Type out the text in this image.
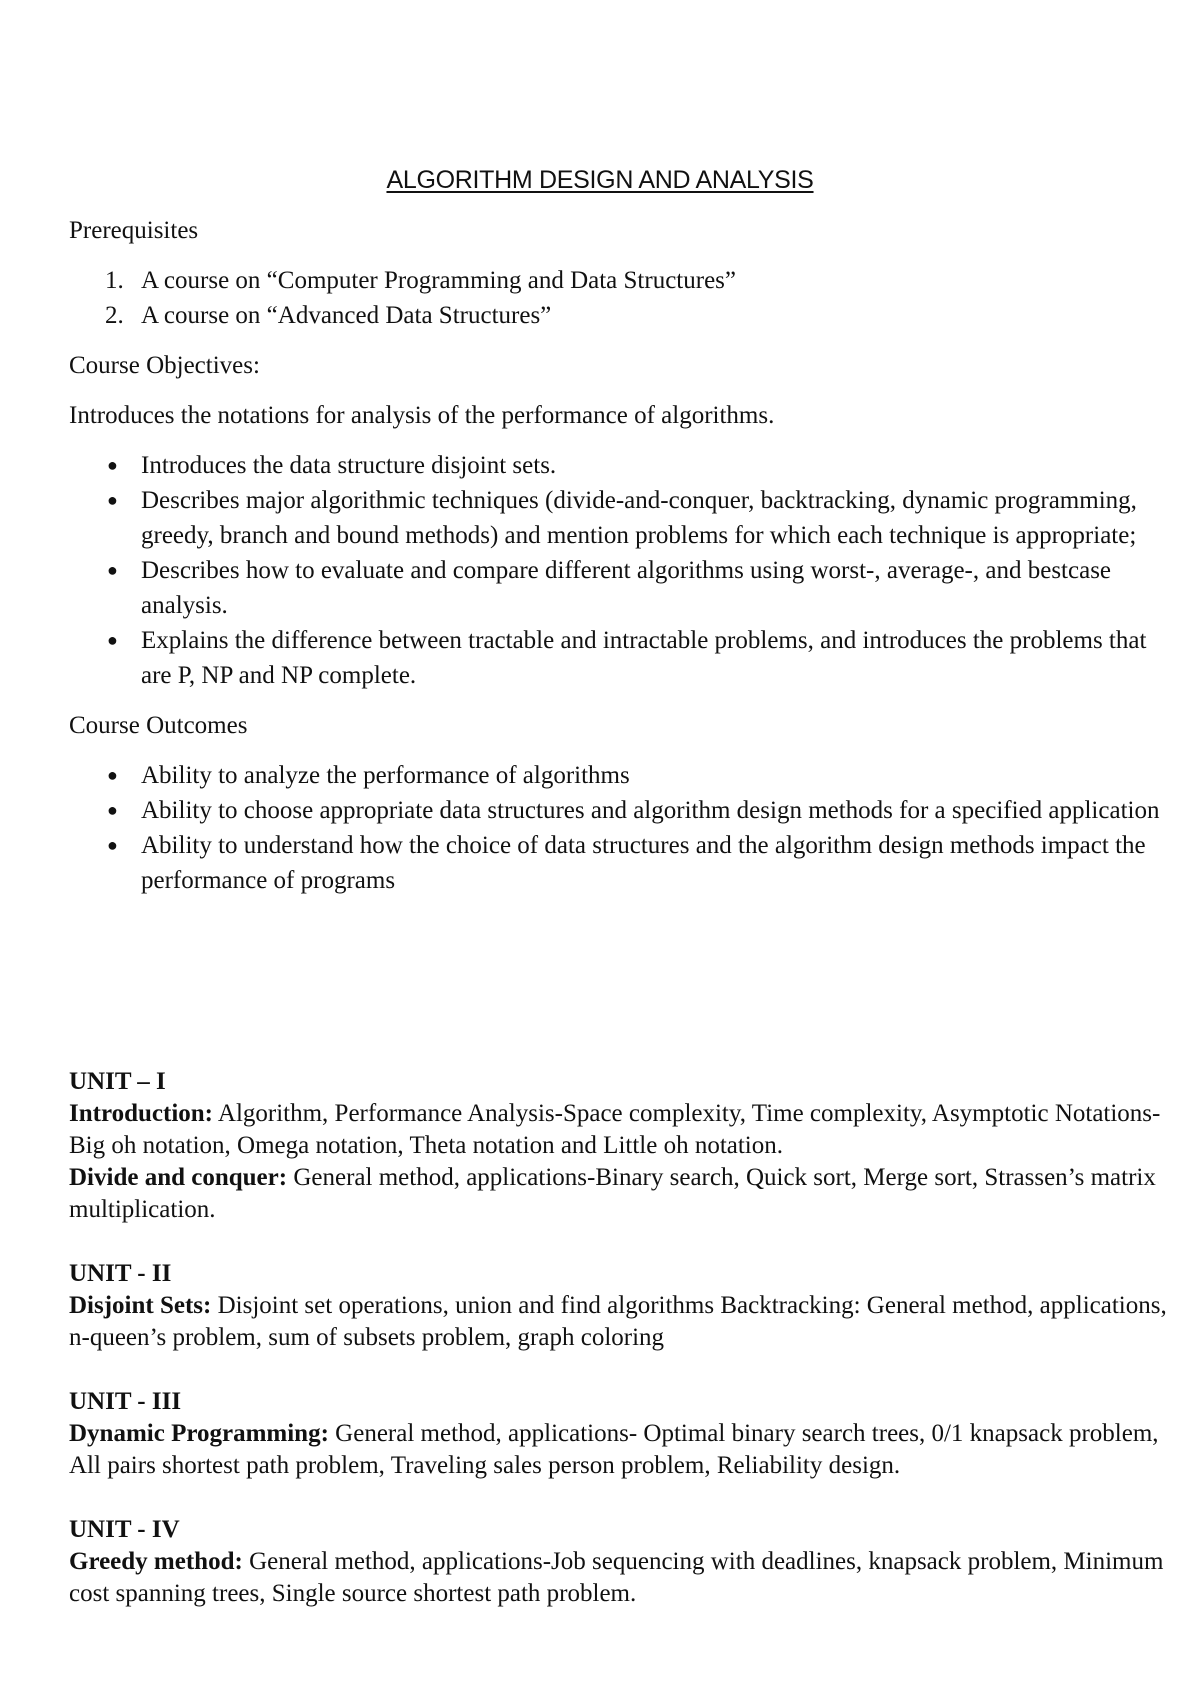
ALGORITHM DESIGN AND ANALYSIS

Prerequisites

1. A course on “Computer Programming and Data Structures”
2. A course on “Advanced Data Structures”

Course Objectives:

Introduces the notations for analysis of the performance of algorithms.

● Introduces the data structure disjoint sets.
● Describes major algorithmic techniques (divide-and-conquer, backtracking, dynamic programming, greedy, branch and bound methods) and mention problems for which each technique is appropriate;
● Describes how to evaluate and compare different algorithms using worst-, average-, and bestcase analysis.
● Explains the difference between tractable and intractable problems, and introduces the problems that are P, NP and NP complete.

Course Outcomes

● Ability to analyze the performance of algorithms
● Ability to choose appropriate data structures and algorithm design methods for a specified application
● Ability to understand how the choice of data structures and the algorithm design methods impact the performance of programs
UNIT – I
Introduction: Algorithm, Performance Analysis-Space complexity, Time complexity, Asymptotic Notations- Big oh notation, Omega notation, Theta notation and Little oh notation.
Divide and conquer: General method, applications-Binary search, Quick sort, Merge sort, Strassen’s matrix multiplication.
UNIT - II
Disjoint Sets: Disjoint set operations, union and find algorithms Backtracking: General method, applications, n-queen’s problem, sum of subsets problem, graph coloring
UNIT - III
Dynamic Programming: General method, applications- Optimal binary search trees, 0/1 knapsack problem, All pairs shortest path problem, Traveling sales person problem, Reliability design.
UNIT - IV
Greedy method: General method, applications-Job sequencing with deadlines, knapsack problem, Minimum cost spanning trees, Single source shortest path problem.
